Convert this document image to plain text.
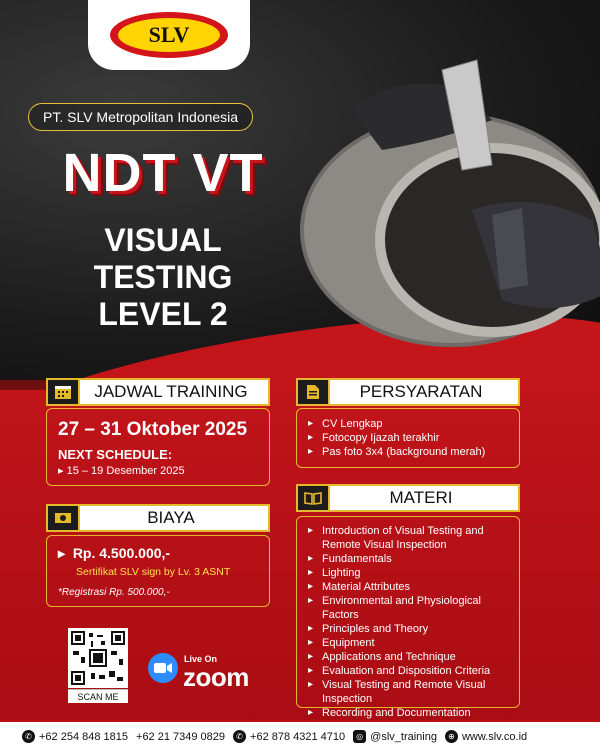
SLV
PT. SLV Metropolitan Indonesia
NDT VT
VISUAL
TESTING
LEVEL 2
JADWAL TRAINING
27 – 31 Oktober 2025
NEXT SCHEDULE:
▸ 15 – 19 Desember 2025
BIAYA
▸  Rp. 4.500.000,-
Sertifikat SLV sign by Lv. 3 ASNT
*Registrasi Rp. 500.000,-
PERSYARATAN
▸ CV Lengkap
▸ Fotocopy Ijazah terakhir
▸ Pas foto 3x4 (background merah)
MATERI
▸ Introduction of Visual Testing and Remote Visual Inspection
▸ Fundamentals
▸ Lighting
▸ Material Attributes
▸ Environmental and Physiological Factors
▸ Principles and Theory
▸ Equipment
▸ Applications and Technique
▸ Evaluation and Disposition Criteria
▸ Visual Testing and Remote Visual Inspection
▸ Recording and Documentation
SCAN ME
Live On
zoom
✆ +62 254 848 1815 +62 21 7349 0829	✆ +62 878 4321 4710	◎ @slv_training	⊕ www.slv.co.id
